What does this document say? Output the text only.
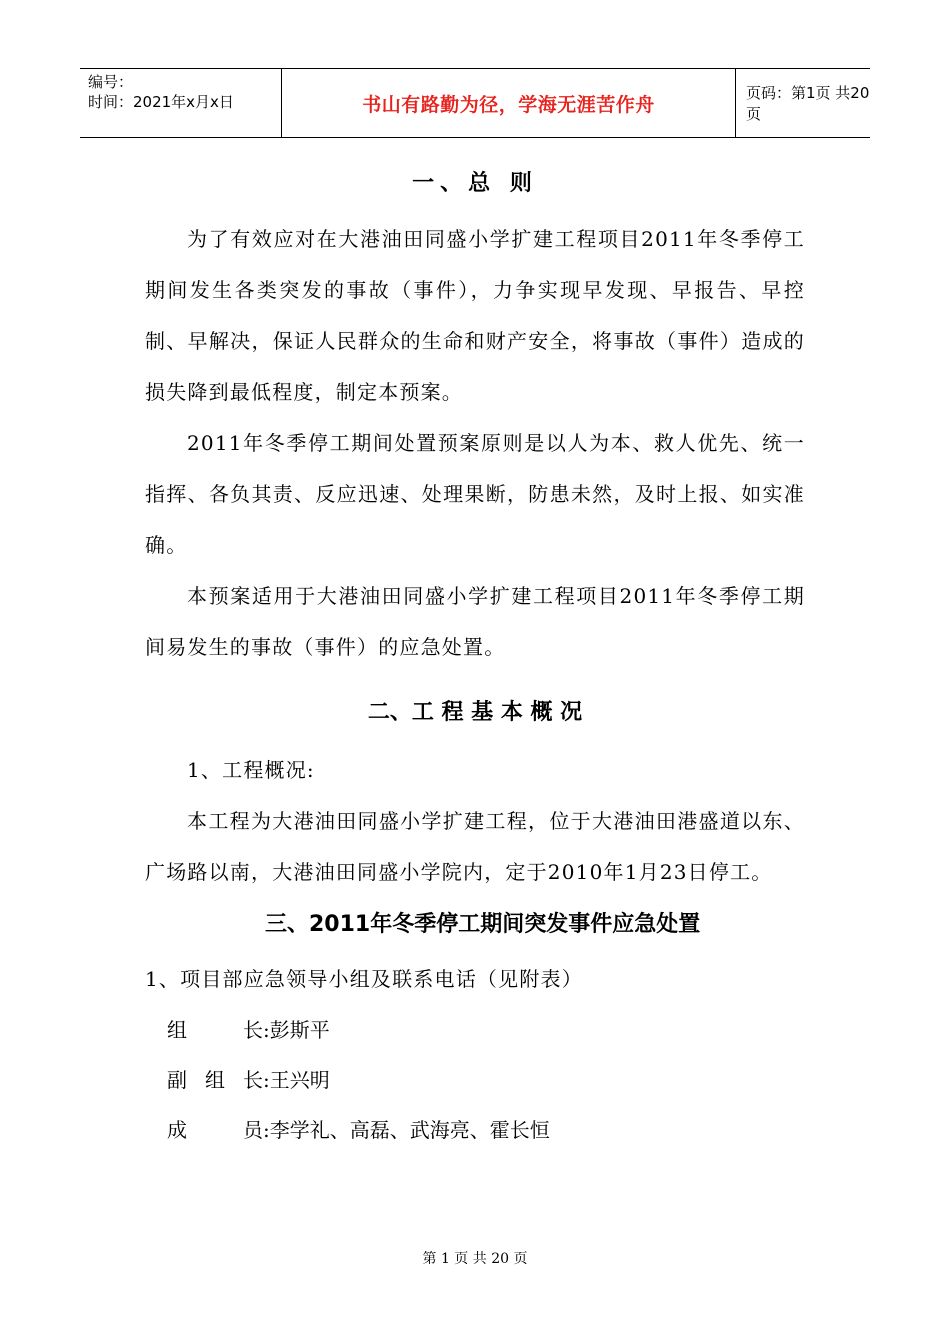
编号：
时间：2021年x月x日	书山有路勤为径，学海无涯苦作舟
页码：第1页 共20页
一、总 则

为了有效应对在大港油田同盛小学扩建工程项目2011年冬季停工期间发生各类突发的事故（事件），力争实现早发现、早报告、早控制、早解决，保证人民群众的生命和财产安全，将事故（事件）造成的损失降到最低程度，制定本预案。

2011年冬季停工期间处置预案原则是以人为本、救人优先、统一指挥、各负其责、反应迅速、处理果断，防患未然，及时上报、如实准确。

本预案适用于大港油田同盛小学扩建工程项目2011年冬季停工期间易发生的事故（事件）的应急处置。

二、工 程 基 本 概 况

1、工程概况:

本工程为大港油田同盛小学扩建工程，位于大港油田港盛道以东、广场路以南，大港油田同盛小学院内，定于2010年1月23日停工。

三、2011年冬季停工期间突发事件应急处置

1、项目部应急领导小组及联系电话（见附表）

组	长 : 彭斯平
副 组 长 : 王兴明
成	员 : 李学礼、高磊、武海亮、霍长恒
第 1 页 共 20 页
